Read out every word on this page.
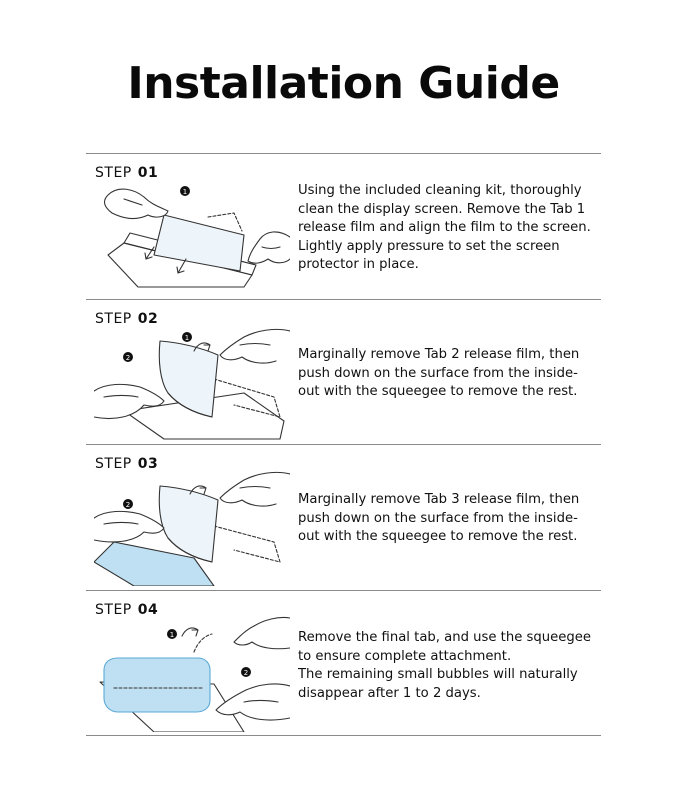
Installation Guide
STEP 01
1	Using the included cleaning kit, thoroughly clean the display screen. Remove the Tab 1 release film and align the film to the screen. Lightly apply pressure to set the screen protector in place.

STEP 02
1
2	Marginally remove Tab 2 release film, then push down on the surface from the inside-out with the squeegee to remove the rest.

STEP 03
2	Marginally remove Tab 3 release film, then push down on the surface from the inside-out with the squeegee to remove the rest.

STEP 04
1
2

Remove the final tab, and use the squeegee to ensure complete attachment.

The remaining small bubbles will naturally disappear after 1 to 2 days.
